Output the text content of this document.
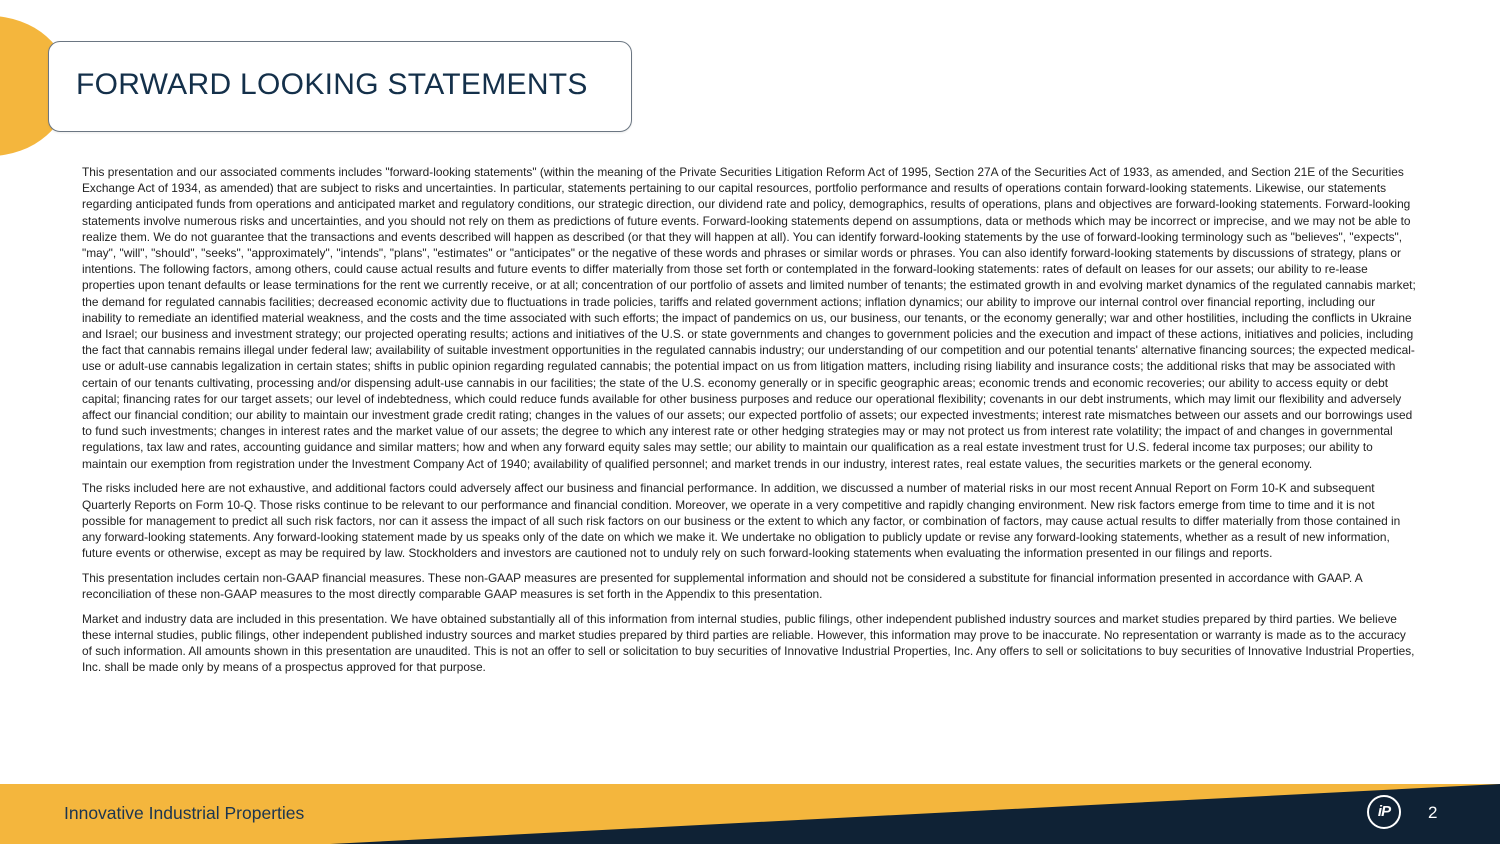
FORWARD LOOKING STATEMENTS

This presentation and our associated comments includes "forward-looking statements" (within the meaning of the Private Securities Litigation Reform Act of 1995, Section 27A of the Securities Act of 1933, as amended, and Section 21E of the Securities Exchange Act of 1934, as amended) that are subject to risks and uncertainties. In particular, statements pertaining to our capital resources, portfolio performance and results of operations contain forward-looking statements. Likewise, our statements regarding anticipated funds from operations and anticipated market and regulatory conditions, our strategic direction, our dividend rate and policy, demographics, results of operations, plans and objectives are forward-looking statements. Forward-looking statements involve numerous risks and uncertainties, and you should not rely on them as predictions of future events. Forward-looking statements depend on assumptions, data or methods which may be incorrect or imprecise, and we may not be able to realize them. We do not guarantee that the transactions and events described will happen as described (or that they will happen at all). You can identify forward-looking statements by the use of forward-looking terminology such as "believes", "expects", "may", "will", "should", "seeks", "approximately", "intends", "plans", "estimates" or "anticipates" or the negative of these words and phrases or similar words or phrases. You can also identify forward-looking statements by discussions of strategy, plans or intentions. The following factors, among others, could cause actual results and future events to differ materially from those set forth or contemplated in the forward-looking statements: rates of default on leases for our assets; our ability to re-lease properties upon tenant defaults or lease terminations for the rent we currently receive, or at all; concentration of our portfolio of assets and limited number of tenants; the estimated growth in and evolving market dynamics of the regulated cannabis market; the demand for regulated cannabis facilities; decreased economic activity due to fluctuations in trade policies, tariffs and related government actions; inflation dynamics; our ability to improve our internal control over financial reporting, including our inability to remediate an identified material weakness, and the costs and the time associated with such efforts; the impact of pandemics on us, our business, our tenants, or the economy generally; war and other hostilities, including the conflicts in Ukraine and Israel; our business and investment strategy; our projected operating results; actions and initiatives of the U.S. or state governments and changes to government policies and the execution and impact of these actions, initiatives and policies, including the fact that cannabis remains illegal under federal law; availability of suitable investment opportunities in the regulated cannabis industry; our understanding of our competition and our potential tenants' alternative financing sources; the expected medical-use or adult-use cannabis legalization in certain states; shifts in public opinion regarding regulated cannabis; the potential impact on us from litigation matters, including rising liability and insurance costs; the additional risks that may be associated with certain of our tenants cultivating, processing and/or dispensing adult-use cannabis in our facilities; the state of the U.S. economy generally or in specific geographic areas; economic trends and economic recoveries; our ability to access equity or debt capital; financing rates for our target assets; our level of indebtedness, which could reduce funds available for other business purposes and reduce our operational flexibility; covenants in our debt instruments, which may limit our flexibility and adversely affect our financial condition; our ability to maintain our investment grade credit rating; changes in the values of our assets; our expected portfolio of assets; our expected investments; interest rate mismatches between our assets and our borrowings used to fund such investments; changes in interest rates and the market value of our assets; the degree to which any interest rate or other hedging strategies may or may not protect us from interest rate volatility; the impact of and changes in governmental regulations, tax law and rates, accounting guidance and similar matters; how and when any forward equity sales may settle; our ability to maintain our qualification as a real estate investment trust for U.S. federal income tax purposes; our ability to maintain our exemption from registration under the Investment Company Act of 1940; availability of qualified personnel; and market trends in our industry, interest rates, real estate values, the securities markets or the general economy.

The risks included here are not exhaustive, and additional factors could adversely affect our business and financial performance. In addition, we discussed a number of material risks in our most recent Annual Report on Form 10-K and subsequent Quarterly Reports on Form 10-Q. Those risks continue to be relevant to our performance and financial condition. Moreover, we operate in a very competitive and rapidly changing environment. New risk factors emerge from time to time and it is not possible for management to predict all such risk factors, nor can it assess the impact of all such risk factors on our business or the extent to which any factor, or combination of factors, may cause actual results to differ materially from those contained in any forward-looking statements. Any forward-looking statement made by us speaks only of the date on which we make it. We undertake no obligation to publicly update or revise any forward-looking statements, whether as a result of new information, future events or otherwise, except as may be required by law. Stockholders and investors are cautioned not to unduly rely on such forward-looking statements when evaluating the information presented in our filings and reports.

This presentation includes certain non-GAAP financial measures. These non-GAAP measures are presented for supplemental information and should not be considered a substitute for financial information presented in accordance with GAAP. A reconciliation of these non-GAAP measures to the most directly comparable GAAP measures is set forth in the Appendix to this presentation.

Market and industry data are included in this presentation. We have obtained substantially all of this information from internal studies, public filings, other independent published industry sources and market studies prepared by third parties. We believe these internal studies, public filings, other independent published industry sources and market studies prepared by third parties are reliable. However, this information may prove to be inaccurate. No representation or warranty is made as to the accuracy of such information. All amounts shown in this presentation are unaudited. This is not an offer to sell or solicitation to buy securities of Innovative Industrial Properties, Inc. Any offers to sell or solicitations to buy securities of Innovative Industrial Properties, Inc. shall be made only by means of a prospectus approved for that purpose.

Innovative Industrial Properties	iP	2
